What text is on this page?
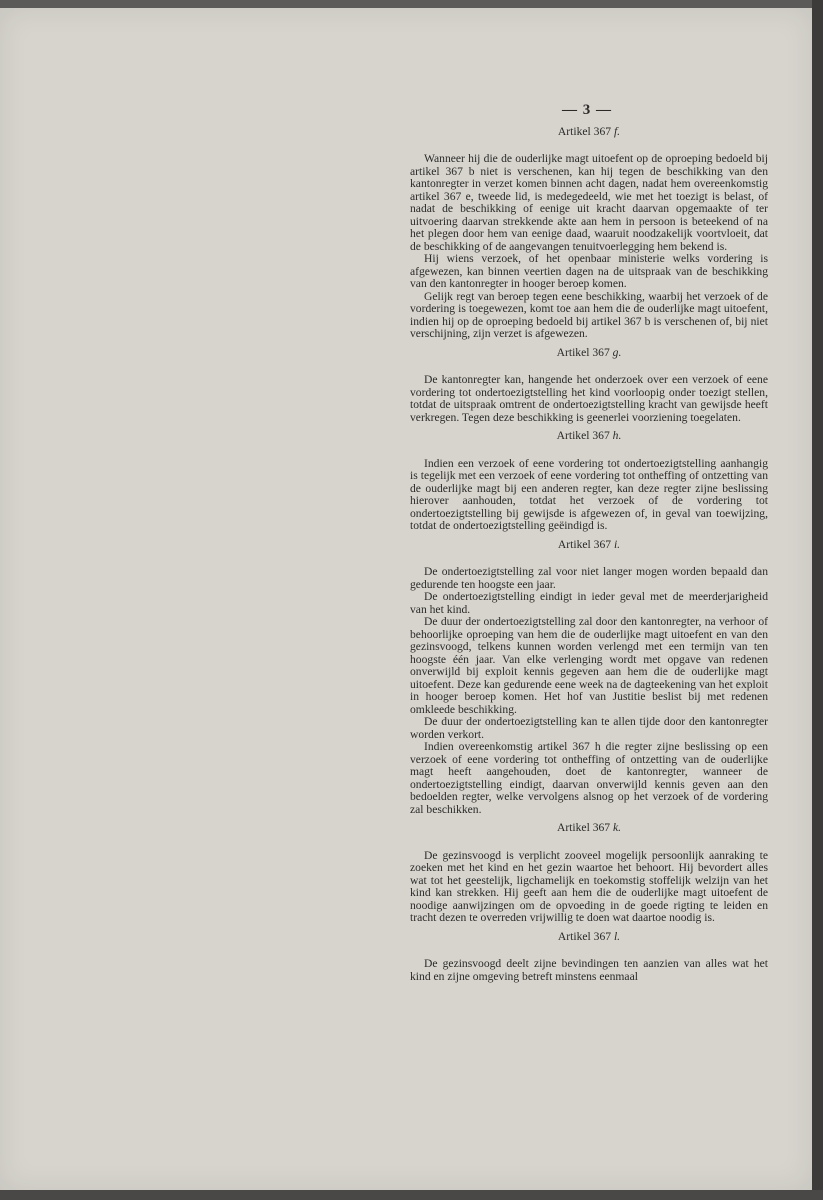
— 3 —
Artikel 367 f.

Wanneer hij die de ouderlijke magt uitoefent op de oproeping bedoeld bij artikel 367 b niet is verschenen, kan hij tegen de beschikking van den kantonregter in verzet komen binnen acht dagen, nadat hem overeenkomstig artikel 367 e, tweede lid, is medegedeeld, wie met het toezigt is belast, of nadat de beschikking of eenige uit kracht daarvan opgemaakte of ter uitvoering daarvan strekkende akte aan hem in persoon is beteekend of na het plegen door hem van eenige daad, waaruit noodzakelijk voortvloeit, dat de beschikking of de aangevangen tenuitvoerlegging hem bekend is.

Hij wiens verzoek, of het openbaar ministerie welks vordering is afgewezen, kan binnen veertien dagen na de uitspraak van de beschikking van den kantonregter in hooger beroep komen.

Gelijk regt van beroep tegen eene beschikking, waarbij het verzoek of de vordering is toegewezen, komt toe aan hem die de ouderlijke magt uitoefent, indien hij op de oproeping bedoeld bij artikel 367 b is verschenen of, bij niet verschijning, zijn verzet is afgewezen.

Artikel 367 g.

De kantonregter kan, hangende het onderzoek over een verzoek of eene vordering tot ondertoezigtstelling het kind voorloopig onder toezigt stellen, totdat de uitspraak omtrent de ondertoezigtstelling kracht van gewijsde heeft verkregen. Tegen deze beschikking is geenerlei voorziening toegelaten.

Artikel 367 h.

Indien een verzoek of eene vordering tot ondertoezigtstelling aanhangig is tegelijk met een verzoek of eene vordering tot ontheffing of ontzetting van de ouderlijke magt bij een anderen regter, kan deze regter zijne beslissing hierover aanhouden, totdat het verzoek of de vordering tot ondertoezigtstelling bij gewijsde is afgewezen of, in geval van toewijzing, totdat de ondertoezigtstelling geëindigd is.

Artikel 367 i.

De ondertoezigtstelling zal voor niet langer mogen worden bepaald dan gedurende ten hoogste een jaar.

De ondertoezigtstelling eindigt in ieder geval met de meerderjarigheid van het kind.

De duur der ondertoezigtstelling zal door den kantonregter, na verhoor of behoorlijke oproeping van hem die de ouderlijke magt uitoefent en van den gezinsvoogd, telkens kunnen worden verlengd met een termijn van ten hoogste één jaar. Van elke verlenging wordt met opgave van redenen onverwijld bij exploit kennis gegeven aan hem die de ouderlijke magt uitoefent. Deze kan gedurende eene week na de dagteekening van het exploit in hooger beroep komen. Het hof van Justitie beslist bij met redenen omkleede beschikking.

De duur der ondertoezigtstelling kan te allen tijde door den kantonregter worden verkort.

Indien overeenkomstig artikel 367 h die regter zijne beslissing op een verzoek of eene vordering tot ontheffing of ontzetting van de ouderlijke magt heeft aangehouden, doet de kantonregter, wanneer de ondertoezigtstelling eindigt, daarvan onverwijld kennis geven aan den bedoelden regter, welke vervolgens alsnog op het verzoek of de vordering zal beschikken.

Artikel 367 k.

De gezinsvoogd is verplicht zooveel mogelijk persoonlijk aanraking te zoeken met het kind en het gezin waartoe het behoort. Hij bevordert alles wat tot het geestelijk, ligchamelijk en toekomstig stoffelijk welzijn van het kind kan strekken. Hij geeft aan hem die de ouderlijke magt uitoefent de noodige aanwijzingen om de opvoeding in de goede rigting te leiden en tracht dezen te overreden vrijwillig te doen wat daartoe noodig is.

Artikel 367 l.

De gezinsvoogd deelt zijne bevindingen ten aanzien van alles wat het kind en zijne omgeving betreft minstens eenmaal
